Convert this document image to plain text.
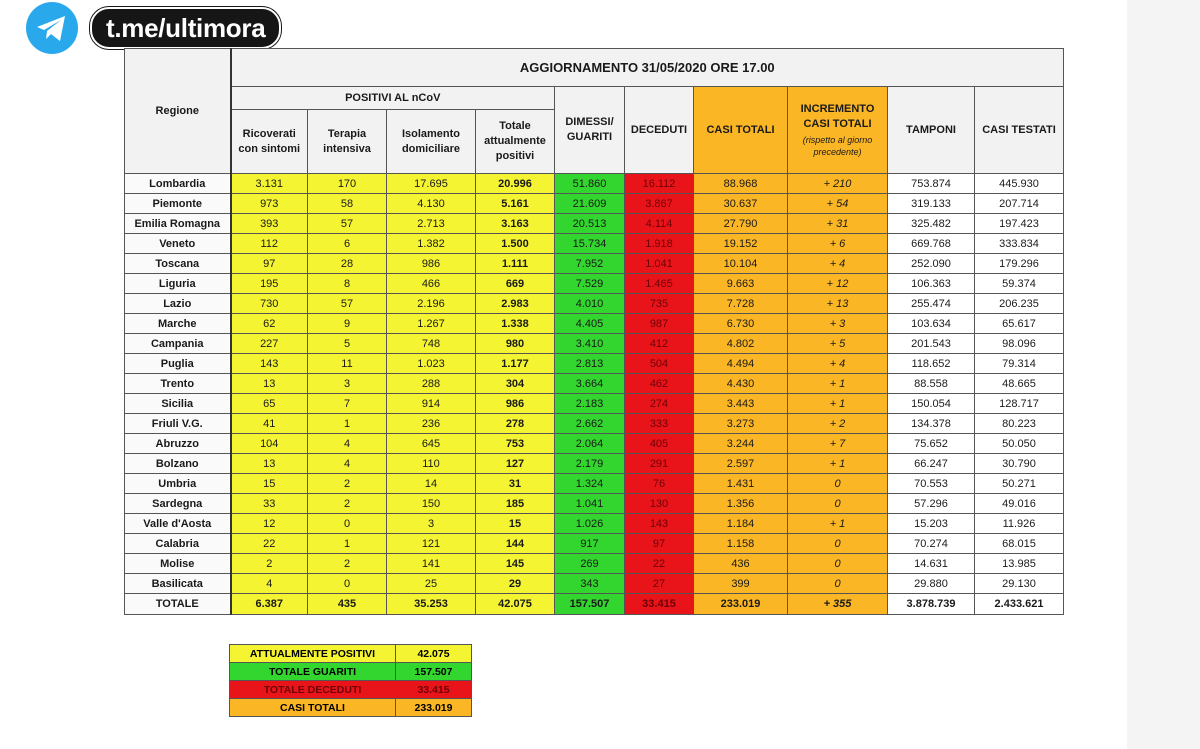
t.me/ultimora
Regione	AGGIORNAMENTO 31/05/2020 ORE 17.00									
	POSITIVI AL nCoV				DIMESSI/ GUARITI	DECEDUTI	CASI TOTALI	INCREMENTO CASI TOTALI
(rispetto al giorno precedente)	TAMPONI	CASI TESTATI
	Ricoverati con sintomi	Terapia intensiva	Isolamento domiciliare	Totale attualmente positivi						
Lombardia	3.131	170	17.695	20.996	51.860	16.112	88.968	+ 210	753.874	445.930
Piemonte	973	58	4.130	5.161	21.609	3.867	30.637	+ 54	319.133	207.714
Emilia Romagna	393	57	2.713	3.163	20.513	4.114	27.790	+ 31	325.482	197.423
Veneto	112	6	1.382	1.500	15.734	1.918	19.152	+ 6	669.768	333.834
Toscana	97	28	986	1.111	7.952	1.041	10.104	+ 4	252.090	179.296
Liguria	195	8	466	669	7.529	1.465	9.663	+ 12	106.363	59.374
Lazio	730	57	2.196	2.983	4.010	735	7.728	+ 13	255.474	206.235
Marche	62	9	1.267	1.338	4.405	987	6.730	+ 3	103.634	65.617
Campania	227	5	748	980	3.410	412	4.802	+ 5	201.543	98.096
Puglia	143	11	1.023	1.177	2.813	504	4.494	+ 4	118.652	79.314
Trento	13	3	288	304	3.664	462	4.430	+ 1	88.558	48.665
Sicilia	65	7	914	986	2.183	274	3.443	+ 1	150.054	128.717
Friuli V.G.	41	1	236	278	2.662	333	3.273	+ 2	134.378	80.223
Abruzzo	104	4	645	753	2.064	405	3.244	+ 7	75.652	50.050
Bolzano	13	4	110	127	2.179	291	2.597	+ 1	66.247	30.790
Umbria	15	2	14	31	1.324	76	1.431	0	70.553	50.271
Sardegna	33	2	150	185	1.041	130	1.356	0	57.296	49.016
Valle d'Aosta	12	0	3	15	1.026	143	1.184	+ 1	15.203	11.926
Calabria	22	1	121	144	917	97	1.158	0	70.274	68.015
Molise	2	2	141	145	269	22	436	0	14.631	13.985
Basilicata	4	0	25	29	343	27	399	0	29.880	29.130
TOTALE	6.387	435	35.253	42.075	157.507	33.415	233.019	+ 355	3.878.739	2.433.621
ATTUALMENTE POSITIVI	42.075
TOTALE GUARITI	157.507
TOTALE DECEDUTI	33.415
CASI TOTALI	233.019
